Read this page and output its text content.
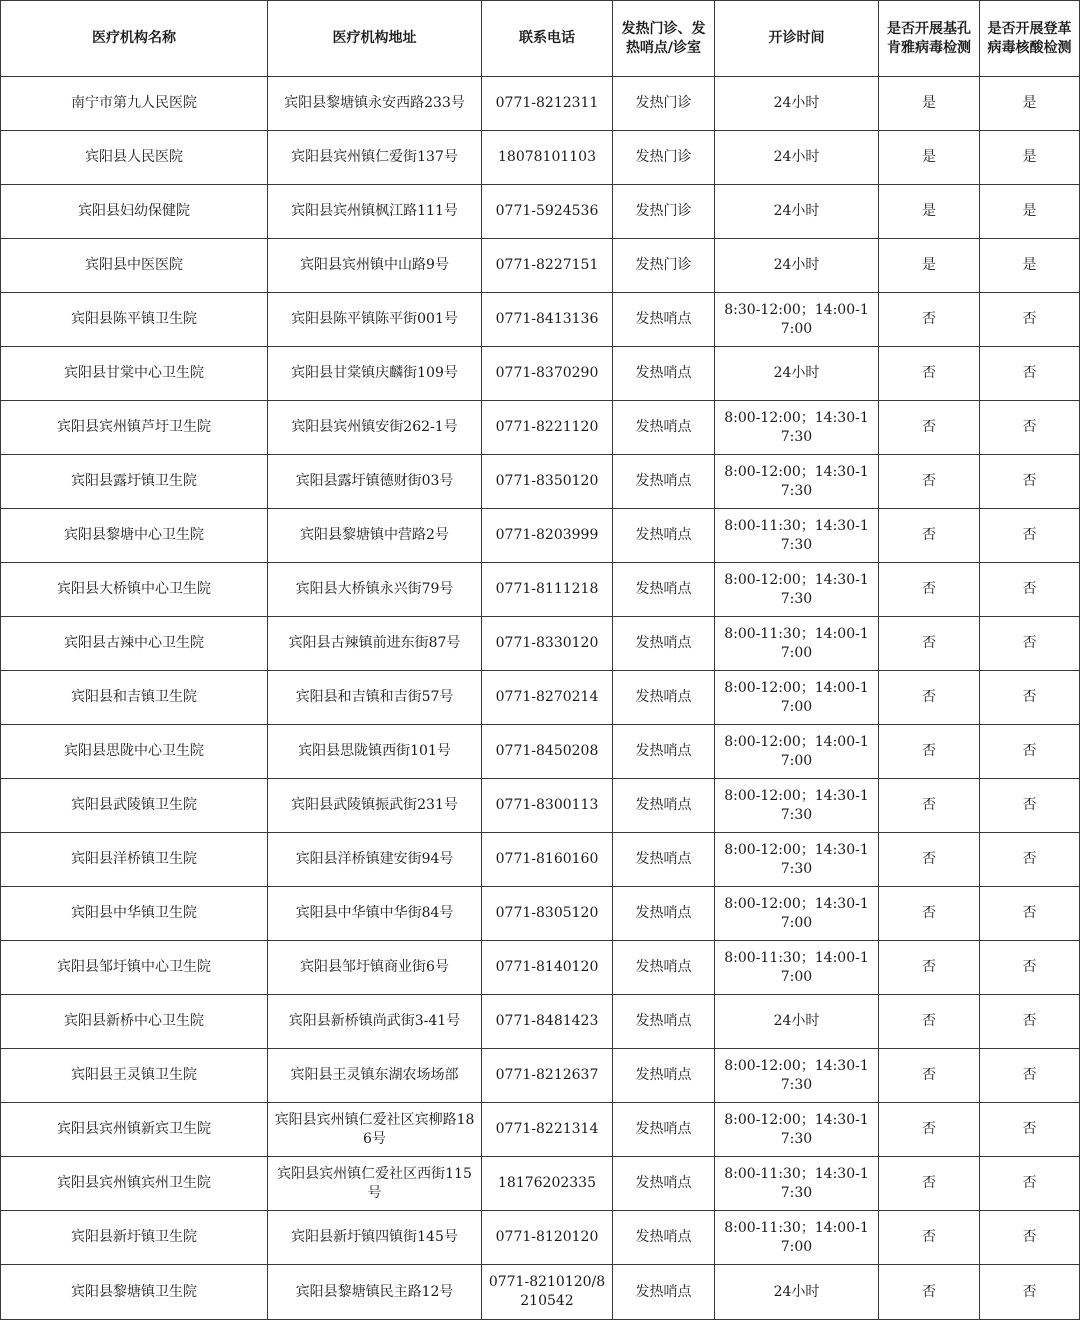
医疗机构名称	医疗机构地址	联系电话	发热门诊、发热哨点/诊室	开诊时间	是否开展基孔肯雅病毒检测	是否开展登革病毒核酸检测
南宁市第九人民医院	宾阳县黎塘镇永安西路233号	0771-8212311	发热门诊	24小时	是	是
宾阳县人民医院	宾阳县宾州镇仁爱街137号	18078101103	发热门诊	24小时	是	是
宾阳县妇幼保健院	宾阳县宾州镇枫江路111号	0771-5924536	发热门诊	24小时	是	是
宾阳县中医医院	宾阳县宾州镇中山路9号	0771-8227151	发热门诊	24小时	是	是
宾阳县陈平镇卫生院	宾阳县陈平镇陈平街001号	0771-8413136	发热哨点	8:30-12:00；14:00-17:00	否	否
宾阳县甘棠中心卫生院	宾阳县甘棠镇庆麟街109号	0771-8370290	发热哨点	24小时	否	否
宾阳县宾州镇芦圩卫生院	宾阳县宾州镇安街262-1号	0771-8221120	发热哨点	8:00-12:00；14:30-17:30	否	否
宾阳县露圩镇卫生院	宾阳县露圩镇德财街03号	0771-8350120	发热哨点	8:00-12:00；14:30-17:30	否	否
宾阳县黎塘中心卫生院	宾阳县黎塘镇中营路2号	0771-8203999	发热哨点	8:00-11:30；14:30-17:30	否	否
宾阳县大桥镇中心卫生院	宾阳县大桥镇永兴街79号	0771-8111218	发热哨点	8:00-12:00；14:30-17:30	否	否
宾阳县古辣中心卫生院	宾阳县古辣镇前进东街87号	0771-8330120	发热哨点	8:00-11:30；14:00-17:00	否	否
宾阳县和吉镇卫生院	宾阳县和吉镇和吉街57号	0771-8270214	发热哨点	8:00-12:00；14:00-17:00	否	否
宾阳县思陇中心卫生院	宾阳县思陇镇西街101号	0771-8450208	发热哨点	8:00-12:00；14:00-17:00	否	否
宾阳县武陵镇卫生院	宾阳县武陵镇振武街231号	0771-8300113	发热哨点	8:00-12:00；14:30-17:30	否	否
宾阳县洋桥镇卫生院	宾阳县洋桥镇建安街94号	0771-8160160	发热哨点	8:00-12:00；14:30-17:30	否	否
宾阳县中华镇卫生院	宾阳县中华镇中华街84号	0771-8305120	发热哨点	8:00-12:00；14:30-17:00	否	否
宾阳县邹圩镇中心卫生院	宾阳县邹圩镇商业街6号	0771-8140120	发热哨点	8:00-11:30；14:00-17:00	否	否
宾阳县新桥中心卫生院	宾阳县新桥镇尚武街3-41号	0771-8481423	发热哨点	24小时	否	否
宾阳县王灵镇卫生院	宾阳县王灵镇东湖农场场部	0771-8212637	发热哨点	8:00-12:00；14:30-17:30	否	否
宾阳县宾州镇新宾卫生院	宾阳县宾州镇仁爱社区宾柳路186号	0771-8221314	发热哨点	8:00-12:00；14:30-17:30	否	否
宾阳县宾州镇宾州卫生院	宾阳县宾州镇仁爱社区西街115号	18176202335	发热哨点	8:00-11:30；14:30-17:30	否	否
宾阳县新圩镇卫生院	宾阳县新圩镇四镇街145号	0771-8120120	发热哨点	8:00-11:30；14:00-17:00	否	否
宾阳县黎塘镇卫生院	宾阳县黎塘镇民主路12号	0771-8210120/8210542	发热哨点	24小时	否	否
